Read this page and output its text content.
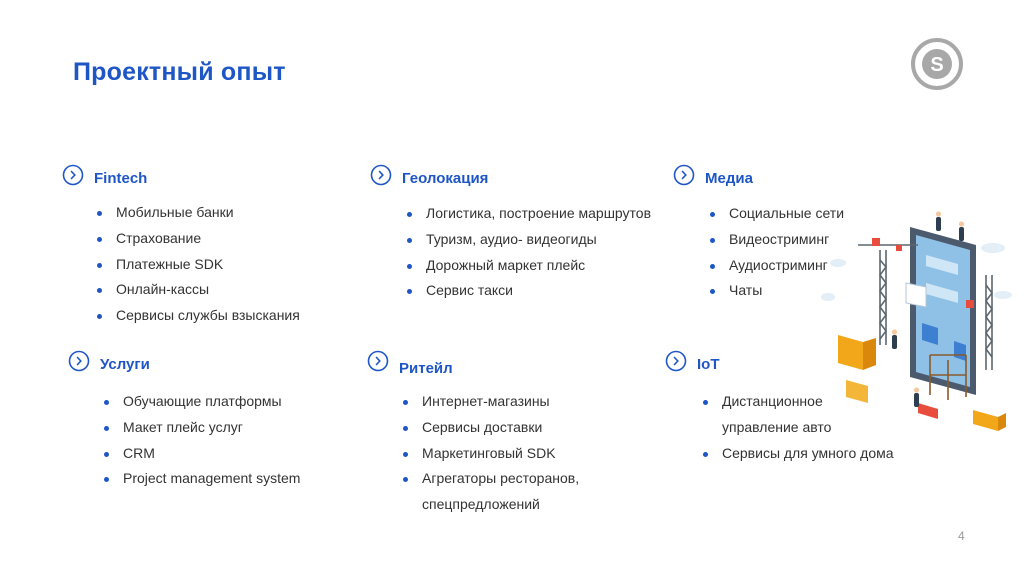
Проектный опыт	S
Fintech
Мобильные банки
Страхование
Платежные SDK
Онлайн-кассы
Сервисы службы взыскания
Геолокация
Логистика, построение маршрутов
Туризм, аудио- видеогиды
Дорожный маркет плейс
Сервис такси
Медиа
Социальные сети
Видеостриминг
Аудиостриминг
Чаты
Услуги
Обучающие платформы
Макет плейс услуг
CRM
Project management system
Ритейл
Интернет-магазины
Сервисы доставки
Маркетинговый SDK
Агрегаторы ресторанов,
спецпредложений
IoT
Дистанционное
управление авто
Сервисы для умного дома
4
